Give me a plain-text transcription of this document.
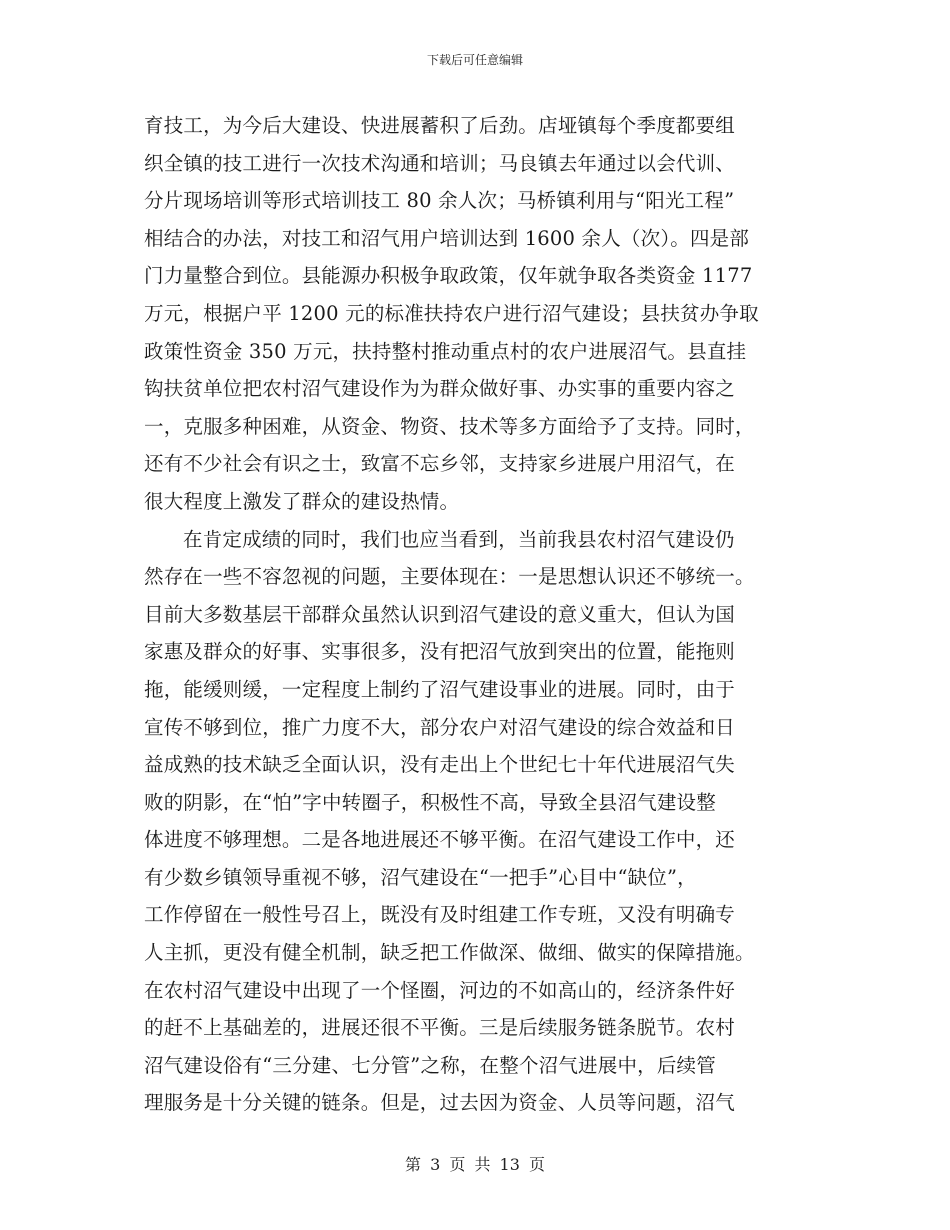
下载后可任意编辑
育技工，为今后大建设、快进展蓄积了后劲。店垭镇每个季度都要组
织全镇的技工进行一次技术沟通和培训；马良镇去年通过以会代训、
分片现场培训等形式培训技工 80 余人次；马桥镇利用与“阳光工程”
相结合的办法，对技工和沼气用户培训达到 1600 余人（次）。四是部
门力量整合到位。县能源办积极争取政策，仅年就争取各类资金 1177
万元，根据户平 1200 元的标准扶持农户进行沼气建设；县扶贫办争取
政策性资金 350 万元，扶持整村推动重点村的农户进展沼气。县直挂
钩扶贫单位把农村沼气建设作为为群众做好事、办实事的重要内容之
一，克服多种困难，从资金、物资、技术等多方面给予了支持。同时，
还有不少社会有识之士，致富不忘乡邻，支持家乡进展户用沼气，在
很大程度上激发了群众的建设热情。
在肯定成绩的同时，我们也应当看到，当前我县农村沼气建设仍
然存在一些不容忽视的问题，主要体现在：一是思想认识还不够统一。
目前大多数基层干部群众虽然认识到沼气建设的意义重大，但认为国
家惠及群众的好事、实事很多，没有把沼气放到突出的位置，能拖则
拖，能缓则缓，一定程度上制约了沼气建设事业的进展。同时，由于
宣传不够到位，推广力度不大，部分农户对沼气建设的综合效益和日
益成熟的技术缺乏全面认识，没有走出上个世纪七十年代进展沼气失
败的阴影，在“怕”字中转圈子，积极性不高，导致全县沼气建设整
体进度不够理想。二是各地进展还不够平衡。在沼气建设工作中，还
有少数乡镇领导重视不够，沼气建设在“一把手”心目中“缺位”，
工作停留在一般性号召上，既没有及时组建工作专班，又没有明确专
人主抓，更没有健全机制，缺乏把工作做深、做细、做实的保障措施。
在农村沼气建设中出现了一个怪圈，河边的不如高山的，经济条件好
的赶不上基础差的，进展还很不平衡。三是后续服务链条脱节。农村
沼气建设俗有“三分建、七分管”之称，在整个沼气进展中，后续管
理服务是十分关键的链条。但是，过去因为资金、人员等问题，沼气
第 3 页 共 13 页
